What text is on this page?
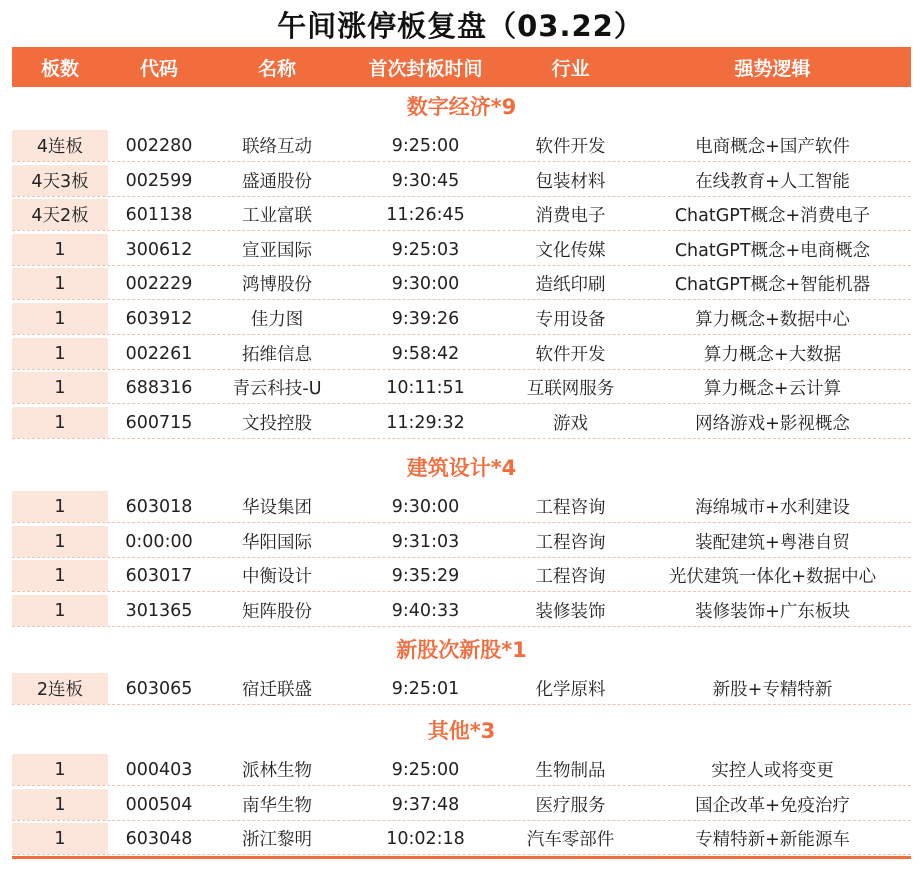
午间涨停板复盘（03.22）
板数	代码	名称	首次封板时间	行业	强势逻辑
数字经济*9
4连板	002280	联络互动	9:25:00	软件开发	电商概念+国产软件
4天3板	002599	盛通股份	9:30:45	包装材料	在线教育+人工智能
4天2板	601138	工业富联	11:26:45	消费电子	ChatGPT概念+消费电子
1	300612	宣亚国际	9:25:03	文化传媒	ChatGPT概念+电商概念
1	002229	鸿博股份	9:30:00	造纸印刷	ChatGPT概念+智能机器
1	603912	佳力图	9:39:26	专用设备	算力概念+数据中心
1	002261	拓维信息	9:58:42	软件开发	算力概念+大数据
1	688316	青云科技-U	10:11:51	互联网服务	算力概念+云计算
1	600715	文投控股	11:29:32	游戏	网络游戏+影视概念
建筑设计*4
1	603018	华设集团	9:30:00	工程咨询	海绵城市+水利建设
1	0:00:00	华阳国际	9:31:03	工程咨询	装配建筑+粤港自贸
1	603017	中衡设计	9:35:29	工程咨询	光伏建筑一体化+数据中心
1	301365	矩阵股份	9:40:33	装修装饰	装修装饰+广东板块
新股次新股*1
2连板	603065	宿迁联盛	9:25:01	化学原料	新股+专精特新
其他*3
1	000403	派林生物	9:25:00	生物制品	实控人或将变更
1	000504	南华生物	9:37:48	医疗服务	国企改革+免疫治疗
1	603048	浙江黎明	10:02:18	汽车零部件	专精特新+新能源车
